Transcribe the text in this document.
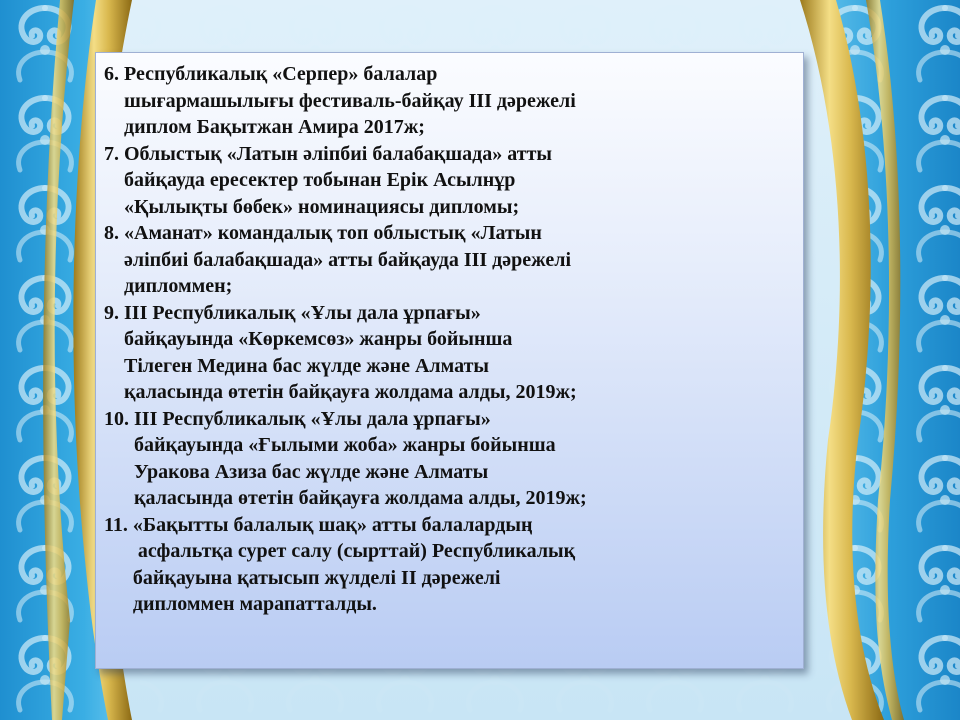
6. Республикалық «Серпер» балалар
шығармашылығы фестиваль-байқау ІІІ дәрежелі
диплом Бақытжан Амира 2017ж;
7. Облыстық «Латын әліпбиі балабақшада» атты
байқауда ересектер тобынан Ерік Асылнұр
«Қылықты бөбек» номинациясы дипломы;
8. «Аманат» командалық топ облыстық «Латын
әліпбиі балабақшада» атты байқауда ІІІ дәрежелі
дипломмен;
9. ІІІ Республикалық «Ұлы дала ұрпағы»
байқауында «Көркемсөз» жанры бойынша
Тілеген Медина бас жүлде және Алматы
қаласында өтетін байқауға жолдама алды, 2019ж;
10. ІІІ Республикалық «Ұлы дала ұрпағы»
байқауында «Ғылыми жоба» жанры бойынша
Уракова Азиза бас жүлде және Алматы
қаласында өтетін байқауға жолдама алды, 2019ж;
11. «Бақытты балалық шақ» атты балалардың
асфальтқа сурет салу (сырттай) Республикалық
байқауына қатысып жүлделі ІІ дәрежелі
дипломмен марапатталды.
